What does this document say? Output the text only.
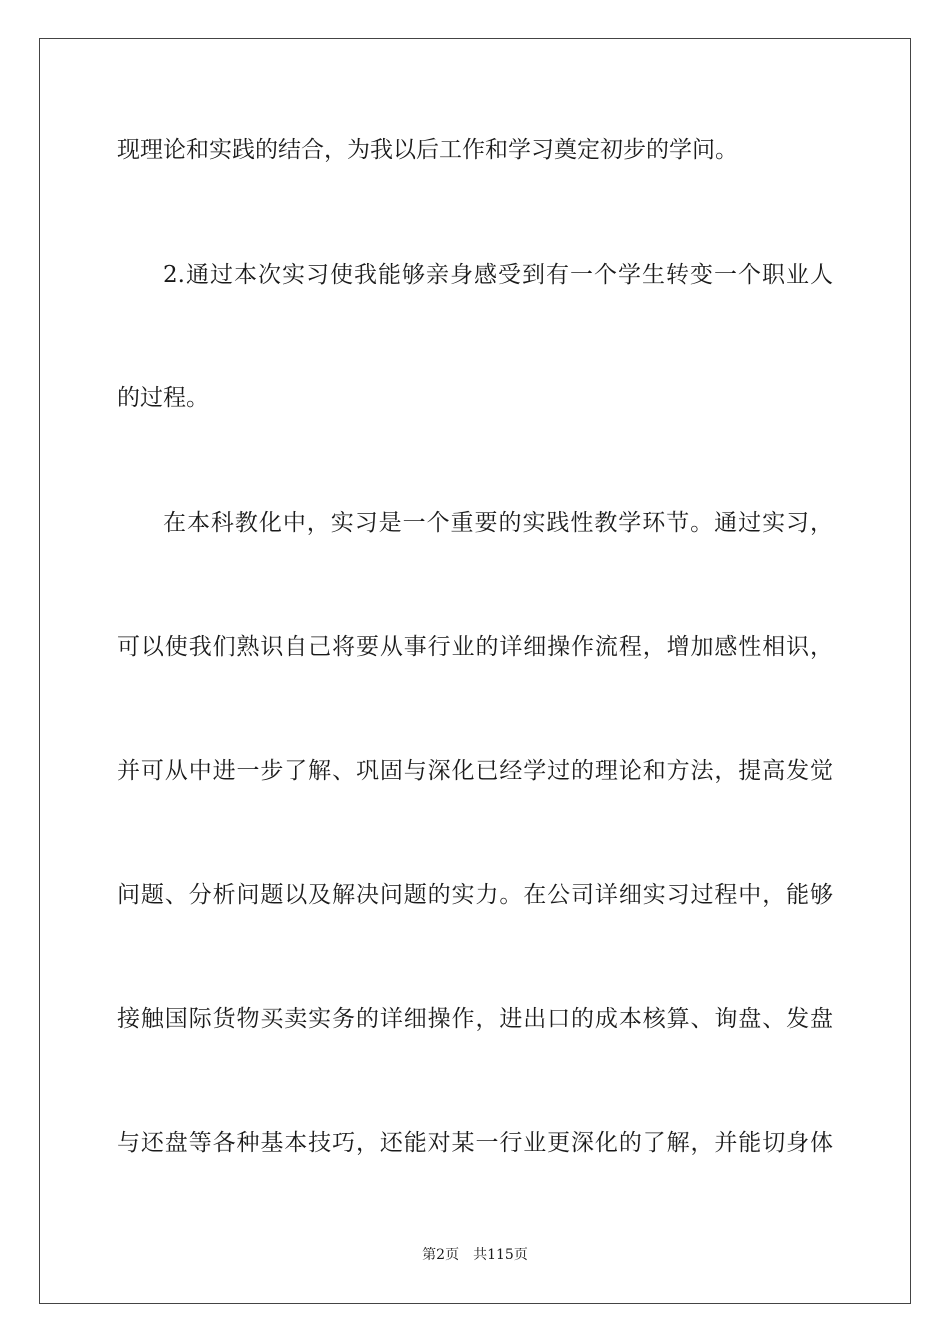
现理论和实践的结合，为我以后工作和学习奠定初步的学问。
2.通过本次实习使我能够亲身感受到有一个学生转变一个职业人
的过程。
在本科教化中，实习是一个重要的实践性教学环节。通过实习，
可以使我们熟识自己将要从事行业的详细操作流程，增加感性相识，
并可从中进一步了解、巩固与深化已经学过的理论和方法，提高发觉
问题、分析问题以及解决问题的实力。在公司详细实习过程中，能够
接触国际货物买卖实务的详细操作，进出口的成本核算、询盘、发盘
与还盘等各种基本技巧，还能对某一行业更深化的了解，并能切身体
第2页 共115页
